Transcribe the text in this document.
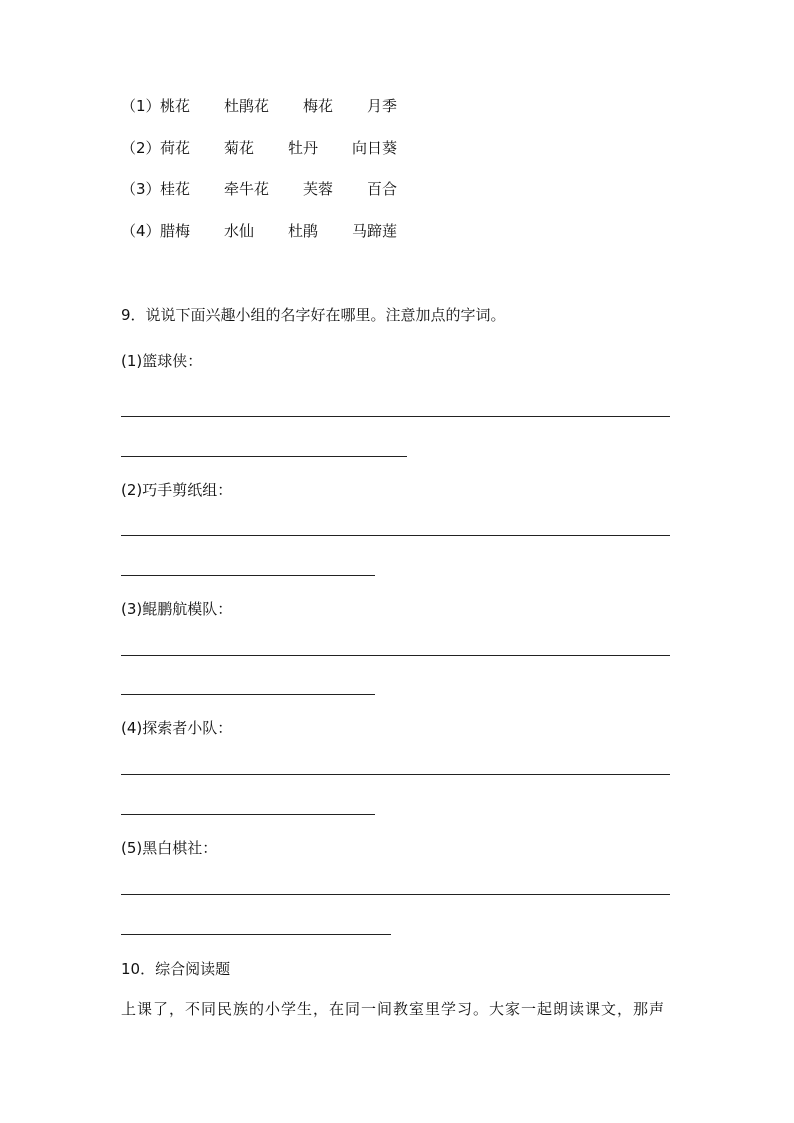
（1） 桃花 杜鹃花 梅花 月季
（2） 荷花 菊花 牡丹 向日葵
（3） 桂花 牵牛花 芙蓉 百合
（4） 腊梅 水仙 杜鹃 马蹄莲
9．说说下面兴趣小组的名字好在哪里。注意加点的字词。
(1)篮球侠：
(2)巧手剪纸组：
(3)鲲鹏航模队：
(4)探索者小队：
(5)黑白棋社：
10．综合阅读题
上课了，不同民族的小学生，在同一间教室里学习。大家一起朗读课文，那声
